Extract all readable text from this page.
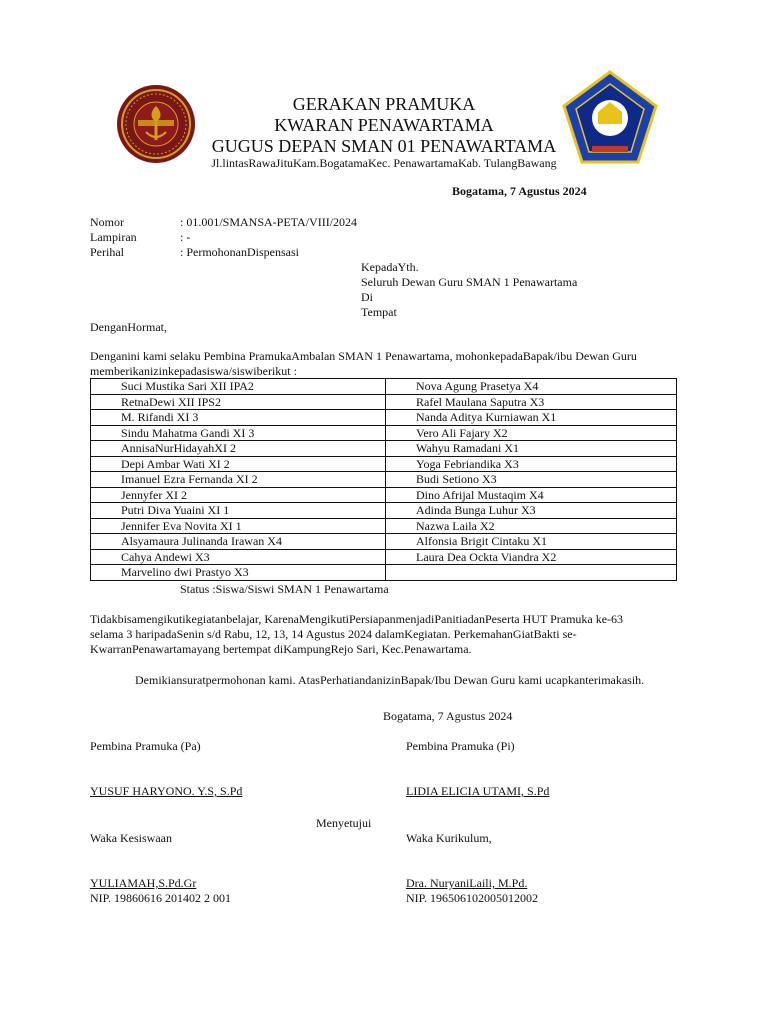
GERAKAN PRAMUKA
KWARAN PENAWARTAMA
GUGUS DEPAN SMAN 01 PENAWARTAMA
Jl.lintasRawaJituKam.BogatamaKec. PenawartamaKab. TulangBawang
Bogatama, 7 Agustus 2024
Nomor	: 01.001/SMANSA-PETA/VIII/2024
Lampiran	: -
Perihal	: PermohonanDispensasi
KepadaYth.
Seluruh Dewan Guru SMAN 1 Penawartama
Di
Tempat
DenganHormat,
Denganini kami selaku Pembina PramukaAmbalan SMAN 1 Penawartama, mohonkepadaBapak/ibu Dewan Guru
memberikanizinkepadasiswa/siswiberikut :
Suci Mustika Sari XII IPA2	Nova Agung Prasetya X4
RetnaDewi XII IPS2	Rafel Maulana Saputra X3
M. Rifandi XI 3	Nanda Aditya Kurniawan X1
Sindu Mahatma Gandi XI 3	Vero Ali Fajary X2
AnnisaNurHidayahXI 2	Wahyu Ramadani X1
Depi Ambar Wati XI 2	Yoga Febriandika X3
Imanuel Ezra Fernanda XI 2	Budi Setiono X3
Jennyfer XI 2	Dino Afrijal Mustaqim X4
Putri Diva Yuaini XI 1	Adinda Bunga Luhur X3
Jennifer Eva Novita XI 1	Nazwa Laila X2
Alsyamaura Julinanda Irawan X4	Alfonsia Brigit Cintaku X1
Cahya Andewi X3	Laura Dea Ockta Viandra X2
Marvelino dwi Prastyo X3	
Status :Siswa/Siswi SMAN 1 Penawartama
Tidakbisamengikutikegiatanbelajar, KarenaMengikutiPersiapanmenjadiPanitiadanPeserta HUT Pramuka ke-63
selama 3 haripadaSenin s/d Rabu, 12, 13, 14 Agustus 2024 dalamKegiatan. PerkemahanGiatBakti se-
KwarranPenawartamayang bertempat diKampungRejo Sari, Kec.Penawartama.
Demikiansuratpermohonan kami. AtasPerhatiandanizinBapak/Ibu Dewan Guru kami ucapkanterimakasih.
Bogatama, 7 Agustus 2024
Pembina Pramuka (Pa)	Pembina Pramuka (Pi)
YUSUF HARYONO. Y.S, S.Pd	LIDIA ELICIA UTAMI, S.Pd
Menyetujui
Waka Kesiswaan	Waka Kurikulum,
YULIAMAH,S.Pd.Gr	Dra. NuryaniLaili, M.Pd.
NIP. 19860616 201402 2 001	NIP. 196506102005012002
